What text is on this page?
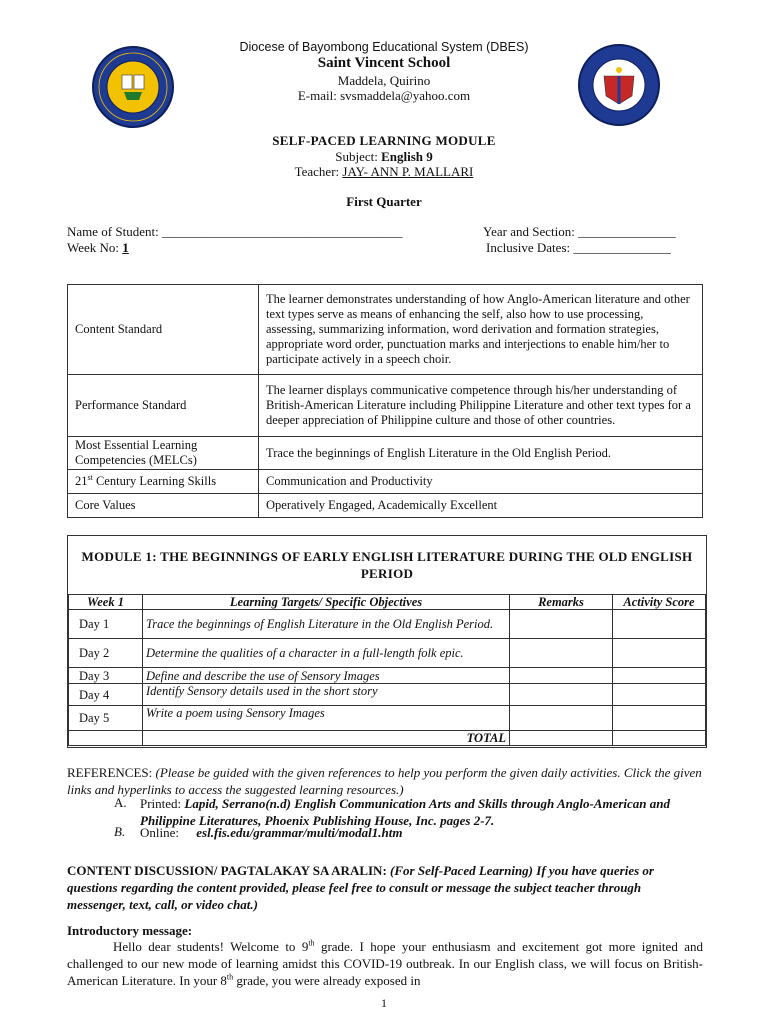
Diocese of Bayombong Educational System (DBES)
Saint Vincent School
Maddela, Quirino
E-mail: svsmaddela@yahoo.com
SELF-PACED LEARNING MODULE
Subject: English 9
Teacher: JAY- ANN P. MALLARI
First Quarter
Name of Student: _____________________________________	Year and Section: _______________
Week No: 1	Inclusive Dates: _______________
Content Standard	The learner demonstrates understanding of how Anglo-American literature and other text types serve as means of enhancing the self, also how to use processing, assessing, summarizing information, word derivation and formation strategies, appropriate word order, punctuation marks and interjections to enable him/her to participate actively in a speech choir.
Performance Standard	The learner displays communicative competence through his/her understanding of British-American Literature including Philippine Literature and other text types for a deeper appreciation of Philippine culture and those of other countries.
Most Essential Learning Competencies (MELCs)	Trace the beginnings of English Literature in the Old English Period.
21st Century Learning Skills	Communication and Productivity
Core Values	Operatively Engaged, Academically Excellent
MODULE 1: THE BEGINNINGS OF EARLY ENGLISH LITERATURE DURING THE OLD ENGLISH PERIOD
Week 1	Learning Targets/ Specific Objectives	Remarks	Activity Score
Day 1	Trace the beginnings of English Literature in the Old English Period.		
Day 2	Determine the qualities of a character in a full-length folk epic.		
Day 3	Define and describe the use of Sensory Images		
Day 4	Identify Sensory details used in the short story		
Day 5	Write a poem using Sensory Images		
	TOTAL		
REFERENCES: (Please be guided with the given references to help you perform the given daily activities. Click the given links and hyperlinks to access the suggested learning resources.)
A. Printed: Lapid, Serrano(n.d) English Communication Arts and Skills through Anglo-American and Philippine Literatures, Phoenix Publishing House, Inc. pages 2-7.
B. Online: esl.fis.edu/grammar/multi/modal1.htm
CONTENT DISCUSSION/ PAGTALAKAY SA ARALIN: (For Self-Paced Learning) If you have queries or questions regarding the content provided, please feel free to consult or message the subject teacher through messenger, text, call, or video chat.)
Introductory message:
Hello dear students! Welcome to 9th grade. I hope your enthusiasm and excitement got more ignited and challenged to our new mode of learning amidst this COVID-19 outbreak. In our English class, we will focus on British-American Literature. In your 8th grade, you were already exposed in
1
